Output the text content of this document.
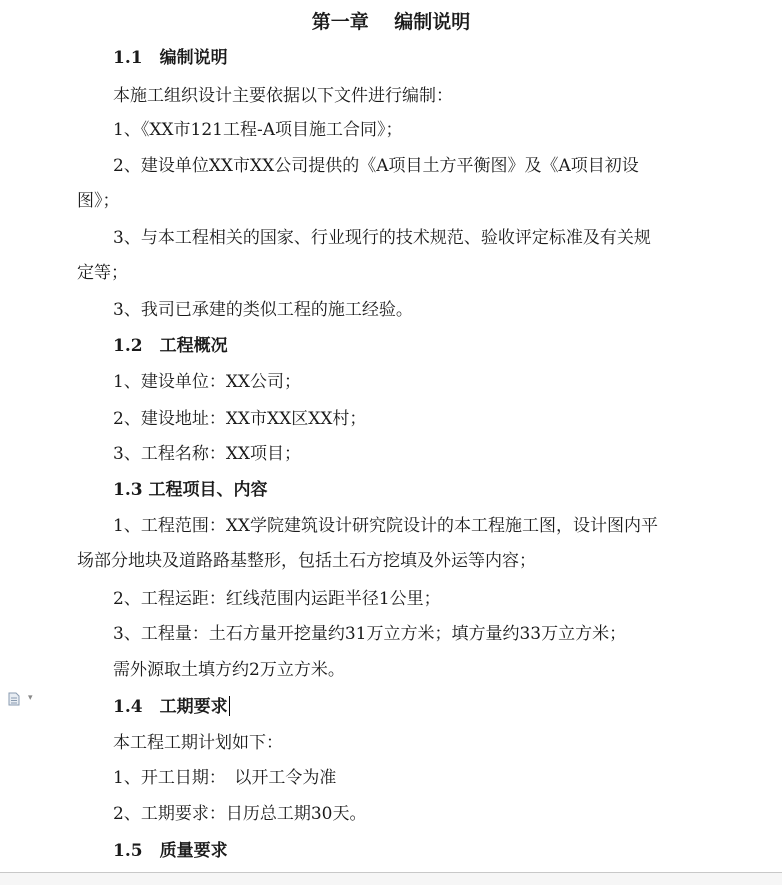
第一章　 编制说明
1.1　编制说明
本施工组织设计主要依据以下文件进行编制：
1、《XX市121工程-A项目施工合同》；
2、建设单位XX市XX公司提供的《A项目土方平衡图》及《A项目初设
图》；
3、与本工程相关的国家、行业现行的技术规范、验收评定标准及有关规
定等；
3、我司已承建的类似工程的施工经验。
1.2　工程概况
1、建设单位：XX公司；
2、建设地址：XX市XX区XX村；
3、工程名称：XX项目；
1.3 工程项目、内容
1、工程范围：XX学院建筑设计研究院设计的本工程施工图，设计图内平
场部分地块及道路路基整形，包括土石方挖填及外运等内容；
2、工程运距：红线范围内运距半径1公里；
3、工程量：土石方量开挖量约31万立方米；填方量约33万立方米；
需外源取土填方约2万立方米。
1.4　工期要求
本工程工期计划如下：
1、开工日期：　以开工令为准
2、工期要求：日历总工期30天。
1.5　质量要求
▾
